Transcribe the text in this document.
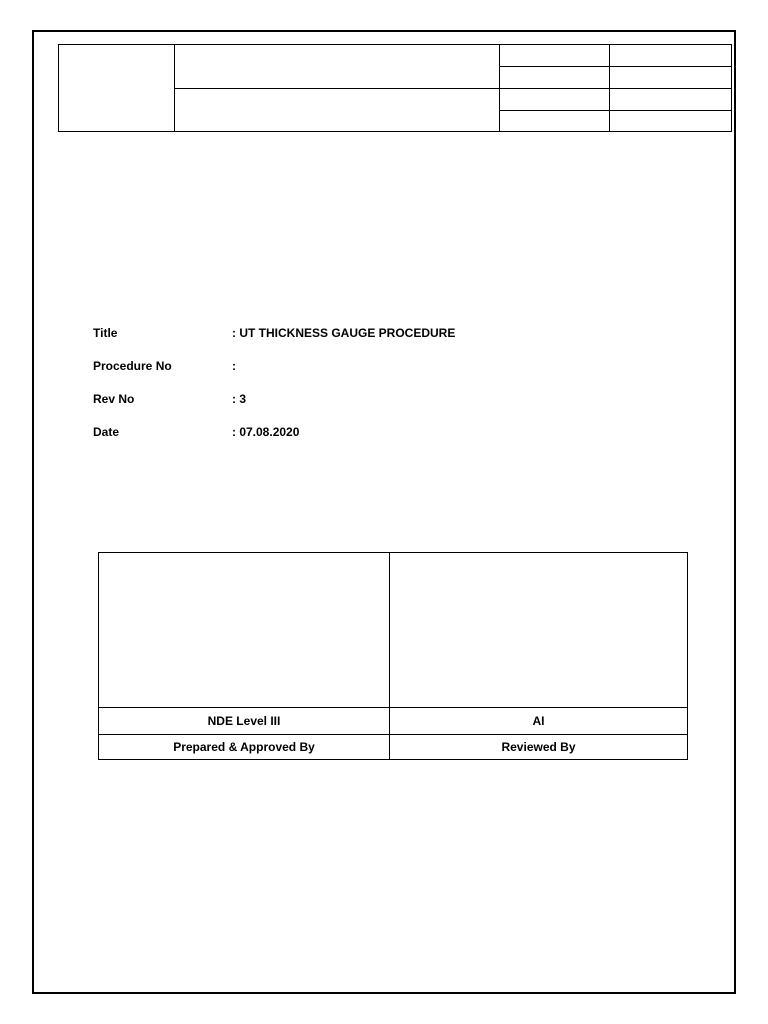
Title	: UT THICKNESS GAUGE PROCEDURE
Procedure No	:
Rev No	: 3
Date	: 07.08.2020
NDE Level III	AI
Prepared & Approved By	Reviewed By
